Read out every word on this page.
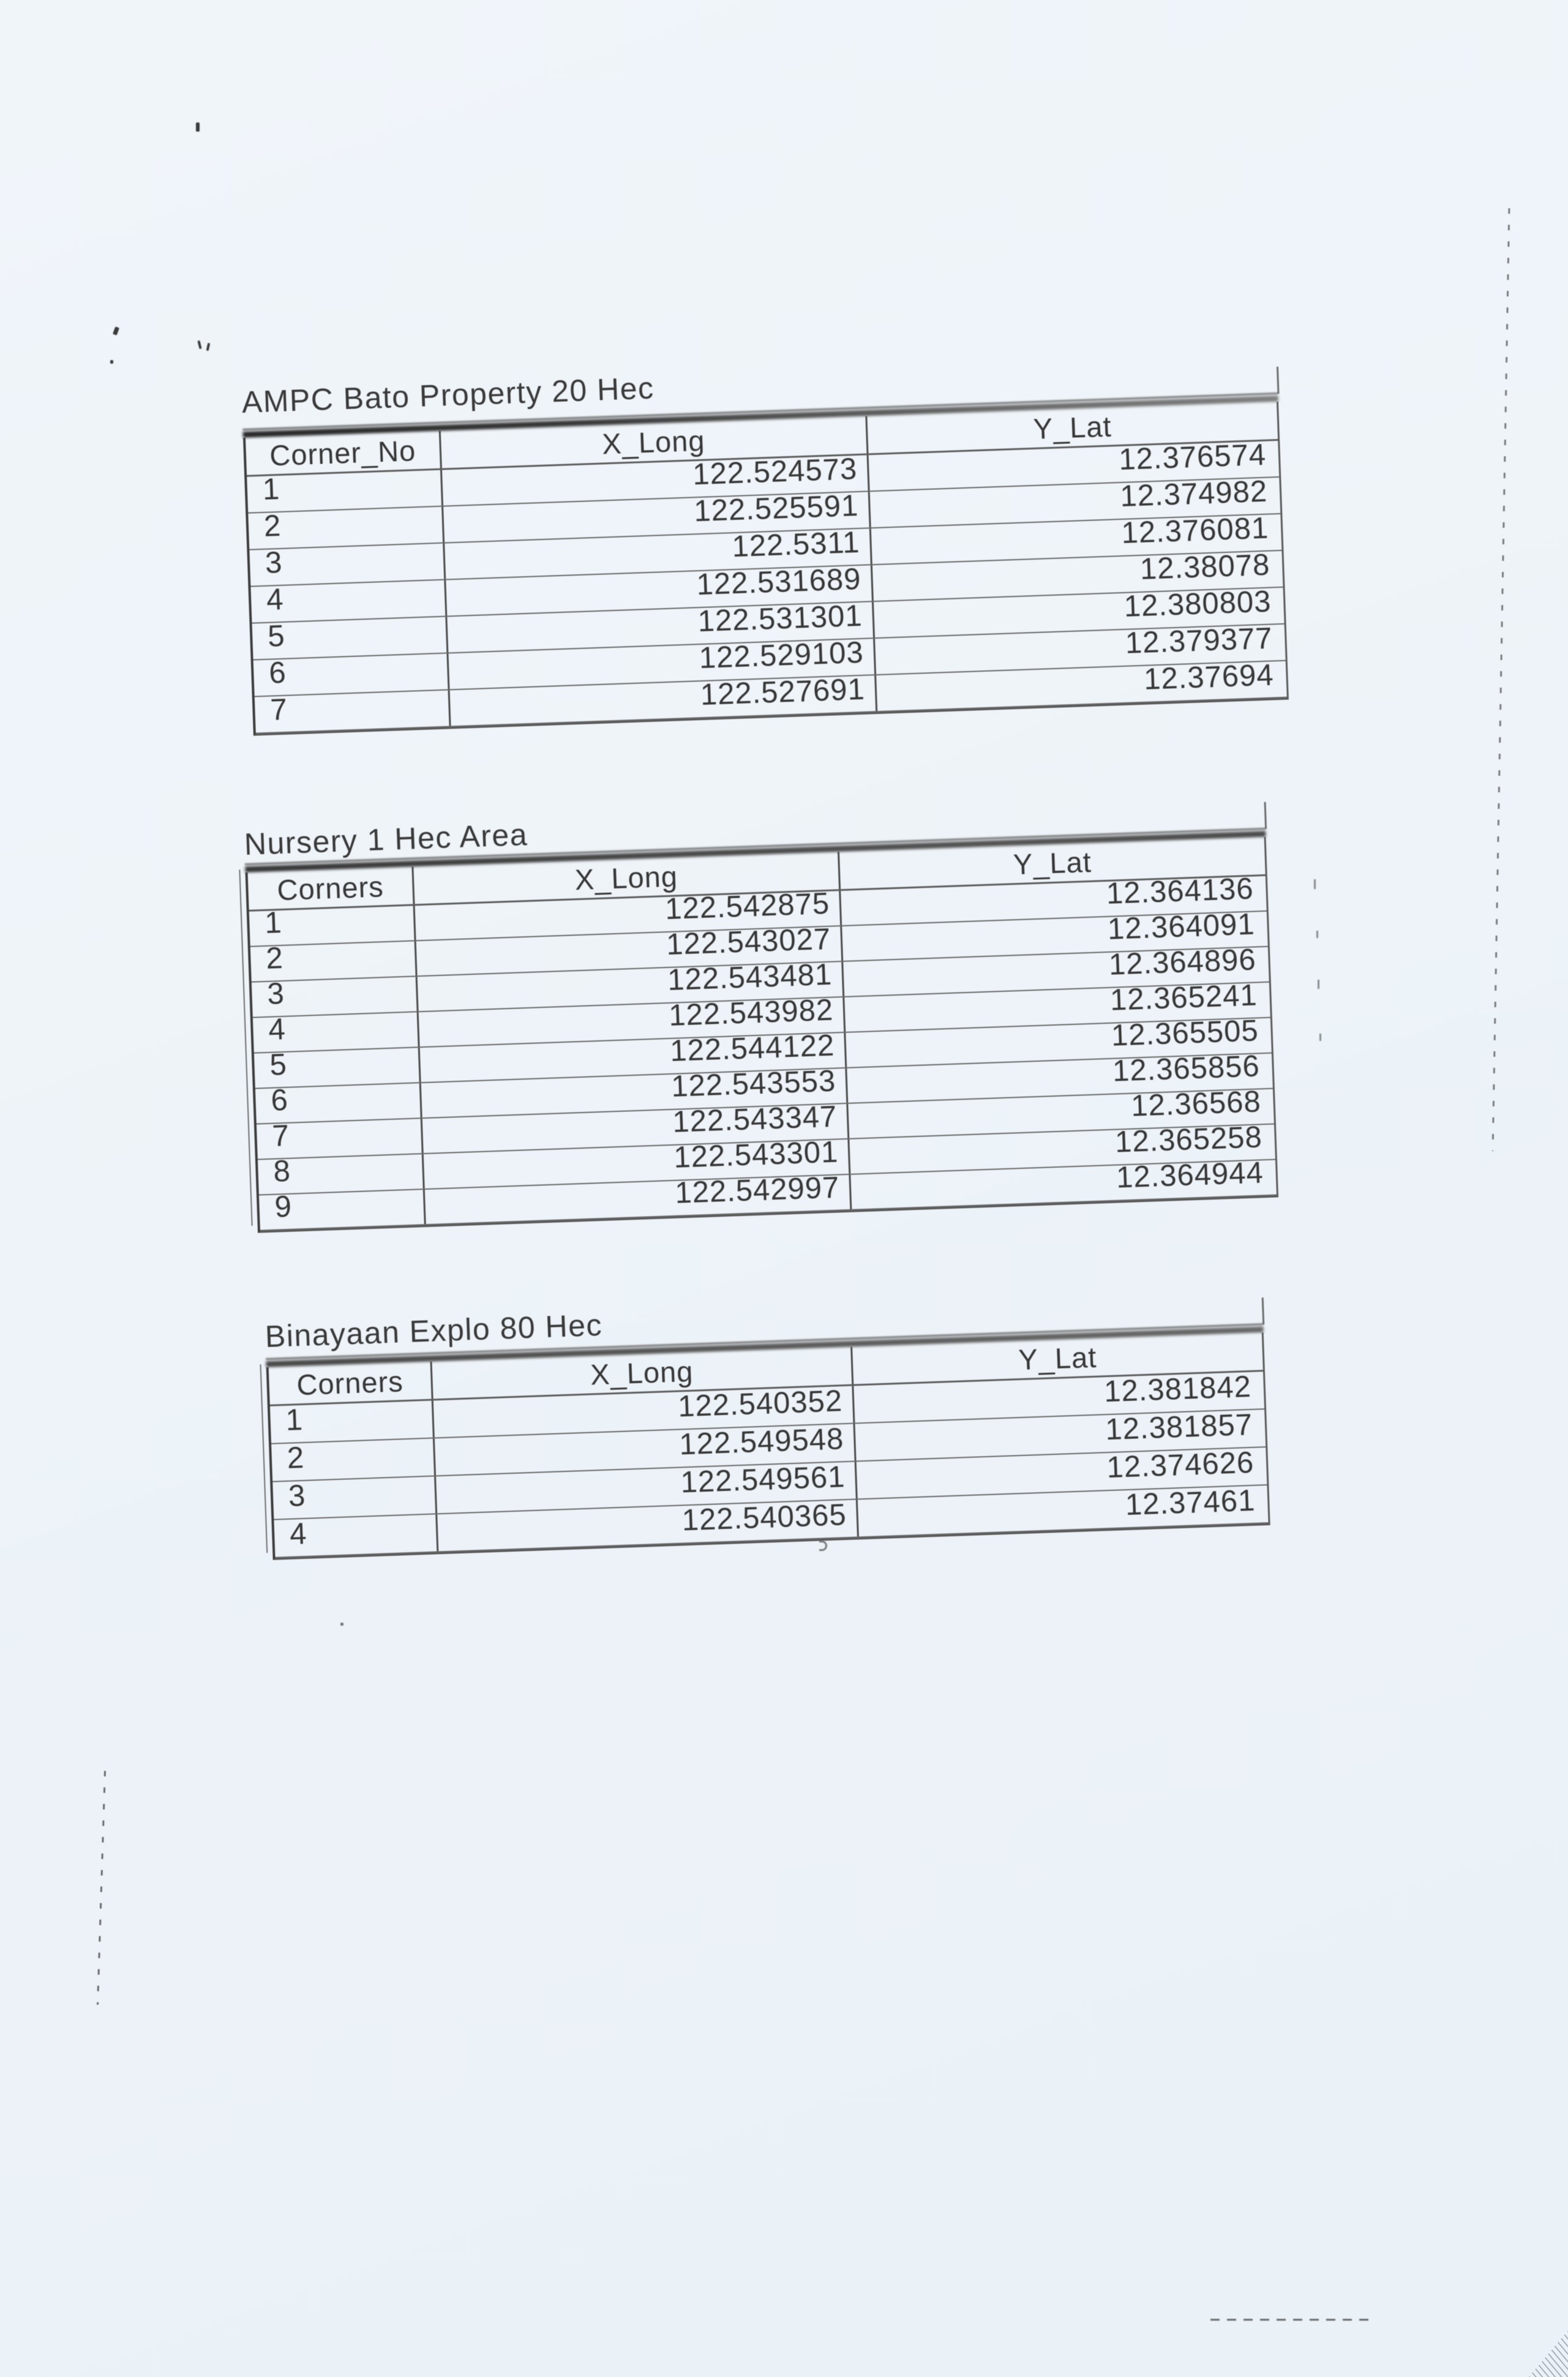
AMPC Bato Property 20 Hec
Corner_No	X_Long	Y_Lat
1	122.524573	12.376574
2	122.525591	12.374982
3	122.5311	12.376081
4	122.531689	12.38078
5	122.531301	12.380803
6	122.529103	12.379377
7	122.527691	12.37694
Nursery 1 Hec Area
Corners	X_Long	Y_Lat
1	122.542875	12.364136
2	122.543027	12.364091
3	122.543481	12.364896
4	122.543982	12.365241
5	122.544122	12.365505
6	122.543553	12.365856
7	122.543347	12.36568
8	122.543301	12.365258
9	122.542997	12.364944
Binayaan Explo 80 Hec
Corners	X_Long	Y_Lat
1	122.540352	12.381842
2	122.549548	12.381857
3	122.549561	12.374626
4	122.540365	12.37461
